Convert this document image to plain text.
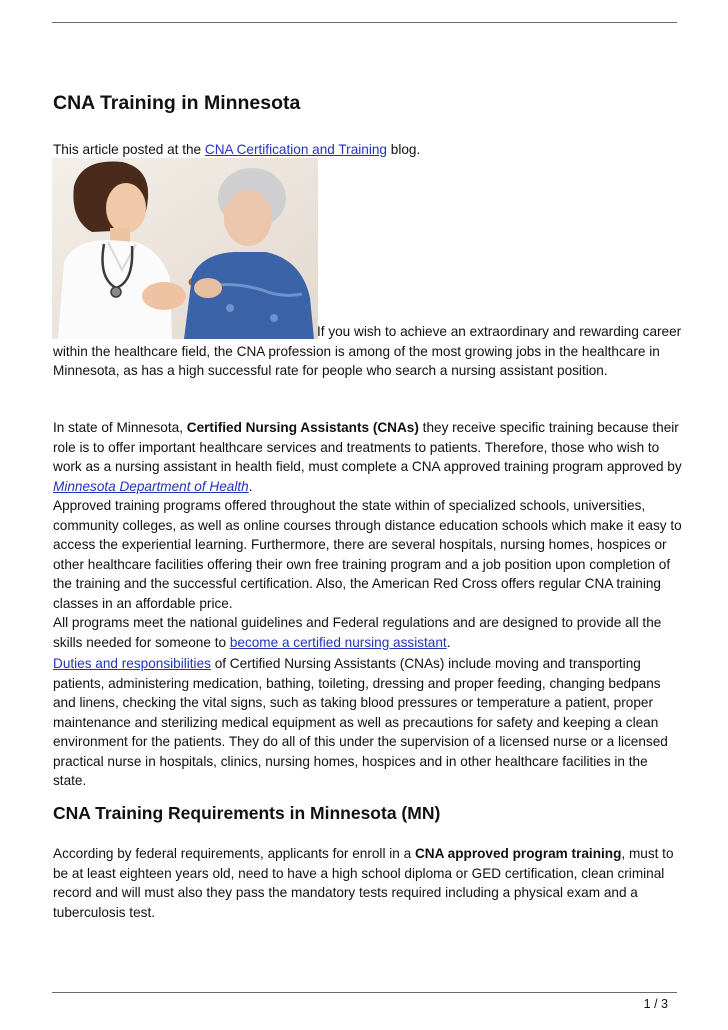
CNA Training in Minnesota

This article posted at the CNA Certification and Training blog.

If you wish to achieve an extraordinary and rewarding career within the healthcare field, the CNA profession is among of the most growing jobs in the healthcare in Minnesota, as has a high successful rate for people who search a nursing assistant position.

In state of Minnesota, Certified Nursing Assistants (CNAs) they receive specific training because their role is to offer important healthcare services and treatments to patients. Therefore, those who wish to work as a nursing assistant in health field, must complete a CNA approved training program approved by Minnesota Department of Health.
Approved training programs offered throughout the state within of specialized schools, universities, community colleges, as well as online courses through distance education schools which make it easy to access the experiential learning. Furthermore, there are several hospitals, nursing homes, hospices or other healthcare facilities offering their own free training program and a job position upon completion of the training and the successful certification. Also, the American Red Cross offers regular CNA training classes in an affordable price.
All programs meet the national guidelines and Federal regulations and are designed to provide all the skills needed for someone to become a certified nursing assistant.

Duties and responsibilities of Certified Nursing Assistants (CNAs) include moving and transporting patients, administering medication, bathing, toileting, dressing and proper feeding, changing bedpans and linens, checking the vital signs, such as taking blood pressures or temperature a patient, proper maintenance and sterilizing medical equipment as well as precautions for safety and keeping a clean environment for the patients. They do all of this under the supervision of a licensed nurse or a licensed practical nurse in hospitals, clinics, nursing homes, hospices and in other healthcare facilities in the state.

CNA Training Requirements in Minnesota (MN)

According by federal requirements, applicants for enroll in a CNA approved program training, must to be at least eighteen years old, need to have a high school diploma or GED certification, clean criminal record and will must also they pass the mandatory tests required including a physical exam and a tuberculosis test.

1 / 3
